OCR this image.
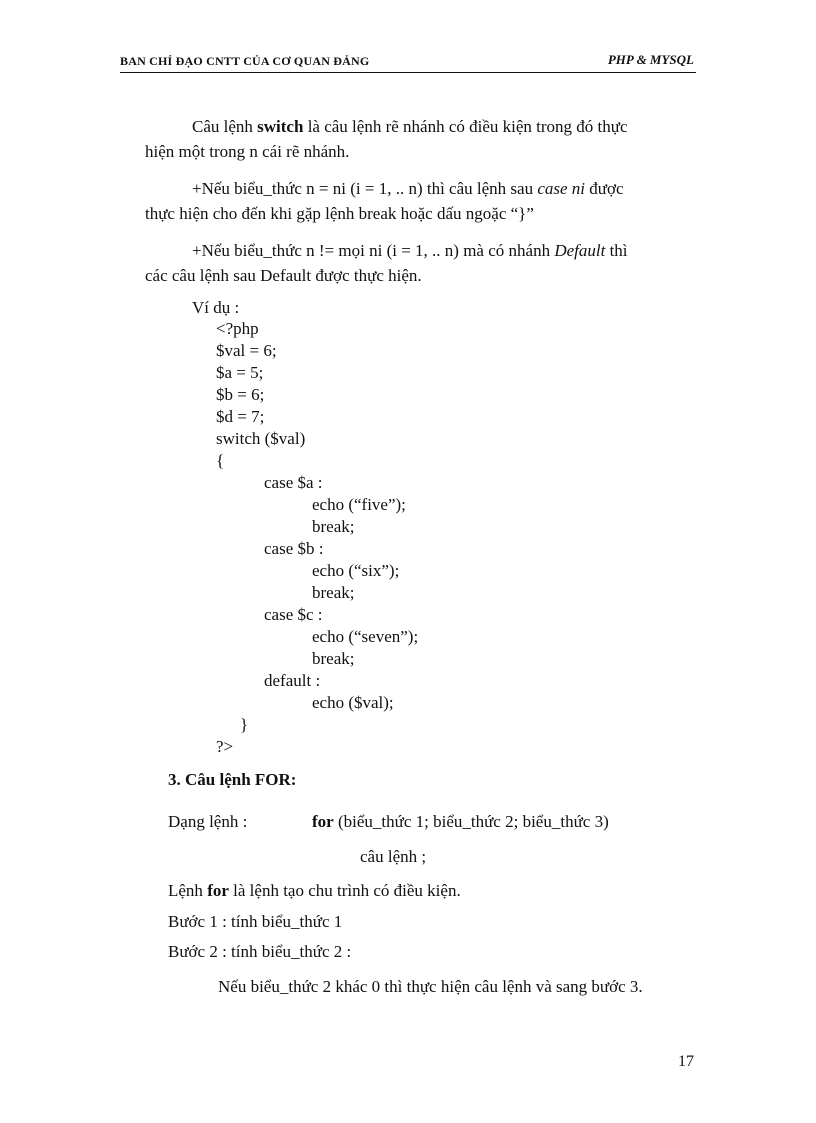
BAN CHỈ ĐẠO CNTT CỦA CƠ QUAN ĐẢNG	PHP & MYSQL
Câu lệnh switch là câu lệnh rẽ nhánh có điều kiện trong đó thực
hiện một trong n cái rẽ nhánh.
+Nếu biểu_thức n = ni (i = 1, .. n) thì câu lệnh sau case ni được
thực hiện cho đến khi gặp lệnh break hoặc dấu ngoặc “}”
+Nếu biểu_thức n != mọi ni (i = 1, .. n) mà có nhánh Default thì
các câu lệnh sau Default được thực hiện.
Ví dụ :
<?php
$val = 6;
$a = 5;
$b = 6;
$d = 7;
switch ($val)
{
case $a :
echo (“five”);
break;
case $b :
echo (“six”);
break;
case $c :
echo (“seven”);
break;
default :
echo ($val);
}
?>
3. Câu lệnh FOR:
Dạng lệnh :	for (biểu_thức 1; biểu_thức 2; biểu_thức 3)
câu lệnh ;
Lệnh for là lệnh tạo chu trình có điều kiện.
Bước 1 : tính biểu_thức 1
Bước 2 : tính biểu_thức 2 :
Nếu biểu_thức 2 khác 0 thì thực hiện câu lệnh và sang bước 3.
17
